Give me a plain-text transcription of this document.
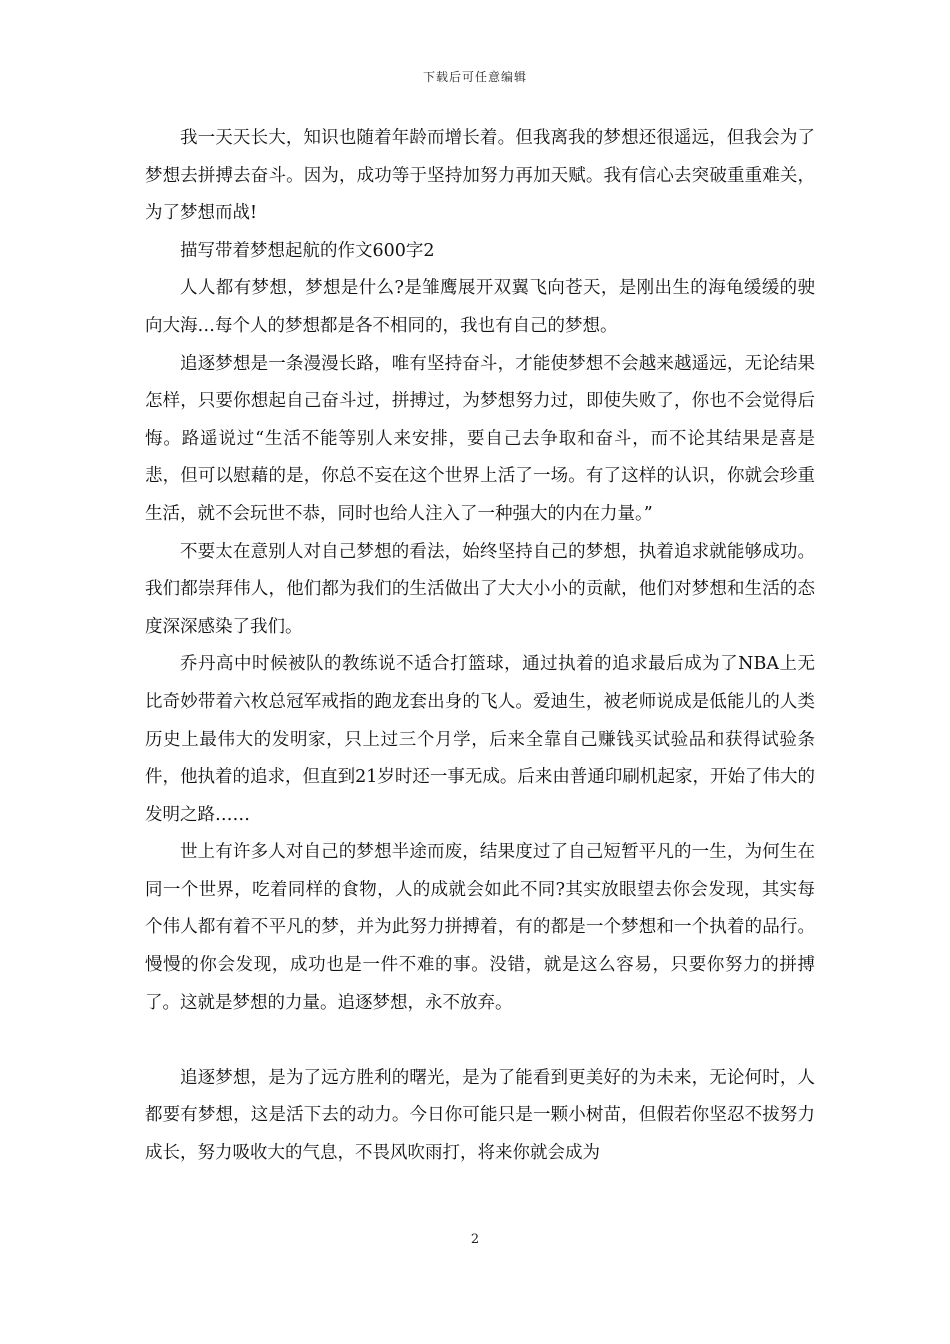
下载后可任意编辑

我一天天长大，知识也随着年龄而增长着。但我离我的梦想还很遥远，但我会为了梦想去拼搏去奋斗。因为，成功等于坚持加努力再加天赋。我有信心去突破重重难关，为了梦想而战!

描写带着梦想起航的作文600字2

人人都有梦想，梦想是什么?是雏鹰展开双翼飞向苍天，是刚出生的海龟缓缓的驶向大海…每个人的梦想都是各不相同的，我也有自己的梦想。

追逐梦想是一条漫漫长路，唯有坚持奋斗，才能使梦想不会越来越遥远，无论结果怎样，只要你想起自己奋斗过，拼搏过，为梦想努力过，即使失败了，你也不会觉得后悔。路遥说过“生活不能等别人来安排，要自己去争取和奋斗，而不论其结果是喜是悲，但可以慰藉的是，你总不妄在这个世界上活了一场。有了这样的认识，你就会珍重生活，就不会玩世不恭，同时也给人注入了一种强大的内在力量。”

不要太在意别人对自己梦想的看法，始终坚持自己的梦想，执着追求就能够成功。我们都崇拜伟人，他们都为我们的生活做出了大大小小的贡献，他们对梦想和生活的态度深深感染了我们。

乔丹高中时候被队的教练说不适合打篮球，通过执着的追求最后成为了NBA上无比奇妙带着六枚总冠军戒指的跑龙套出身的飞人。爱迪生，被老师说成是低能儿的人类历史上最伟大的发明家，只上过三个月学，后来全靠自己赚钱买试验品和获得试验条件，他执着的追求，但直到21岁时还一事无成。后来由普通印刷机起家，开始了伟大的发明之路……

世上有许多人对自己的梦想半途而废，结果度过了自己短暂平凡的一生，为何生在同一个世界，吃着同样的食物，人的成就会如此不同?其实放眼望去你会发现，其实每个伟人都有着不平凡的梦，并为此努力拼搏着，有的都是一个梦想和一个执着的品行。慢慢的你会发现，成功也是一件不难的事。没错，就是这么容易，只要你努力的拼搏了。这就是梦想的力量。追逐梦想，永不放弃。

追逐梦想，是为了远方胜利的曙光，是为了能看到更美好的为未来，无论何时，人都要有梦想，这是活下去的动力。今日你可能只是一颗小树苗，但假若你坚忍不拔努力成长，努力吸收大的气息，不畏风吹雨打，将来你就会成为

2
